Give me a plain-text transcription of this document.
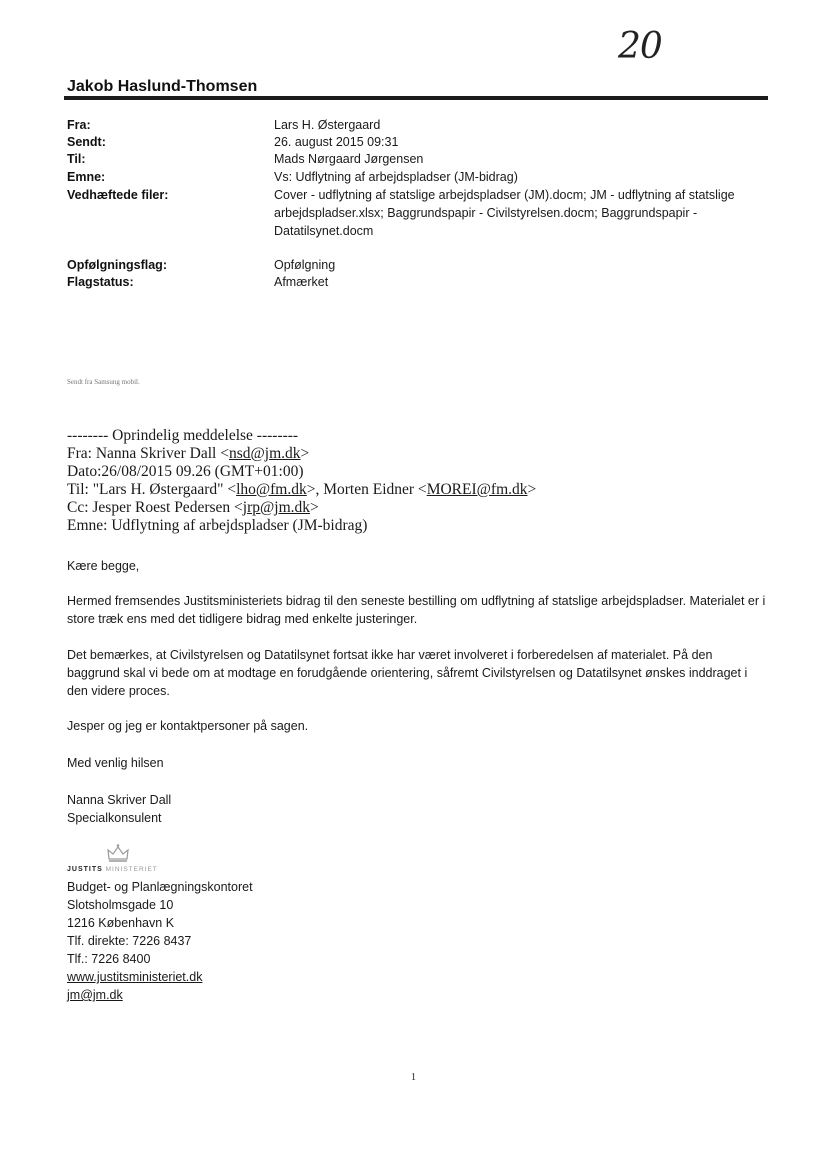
20
Jakob Haslund-Thomsen
Fra:	Lars H. Østergaard
Sendt:	26. august 2015 09:31
Til:	Mads Nørgaard Jørgensen
Emne:	Vs: Udflytning af arbejdspladser (JM-bidrag)
Vedhæftede filer:	Cover - udflytning af statslige arbejdspladser (JM).docm; JM - udflytning af statslige arbejdspladser.xlsx; Baggrundspapir - Civilstyrelsen.docm; Baggrundspapir - Datatilsynet.docm
Opfølgningsflag:	Opfølgning
Flagstatus:	Afmærket
Sendt fra Samsung mobil.
-------- Oprindelig meddelelse --------
Fra: Nanna Skriver Dall <nsd@jm.dk>
Dato:26/08/2015 09.26 (GMT+01:00)
Til: "Lars H. Østergaard" <lho@fm.dk>, Morten Eidner <MOREI@fm.dk>
Cc: Jesper Roest Pedersen <jrp@jm.dk>
Emne: Udflytning af arbejdspladser (JM-bidrag)
Kære begge,
Hermed fremsendes Justitsministeriets bidrag til den seneste bestilling om udflytning af statslige arbejdspladser. Materialet er i store træk ens med det tidligere bidrag med enkelte justeringer.
Det bemærkes, at Civilstyrelsen og Datatilsynet fortsat ikke har været involveret i forberedelsen af materialet. På den baggrund skal vi bede om at modtage en forudgående orientering, såfremt Civilstyrelsen og Datatilsynet ønskes inddraget i den videre proces.
Jesper og jeg er kontaktpersoner på sagen.
Med venlig hilsen
Nanna Skriver Dall
Specialkonsulent
JUSTITS MINISTERIET
Budget- og Planlægningskontoret
Slotsholmsgade 10
1216 København K
Tlf. direkte: 7226 8437
Tlf.: 7226 8400
www.justitsministeriet.dk
jm@jm.dk
1
